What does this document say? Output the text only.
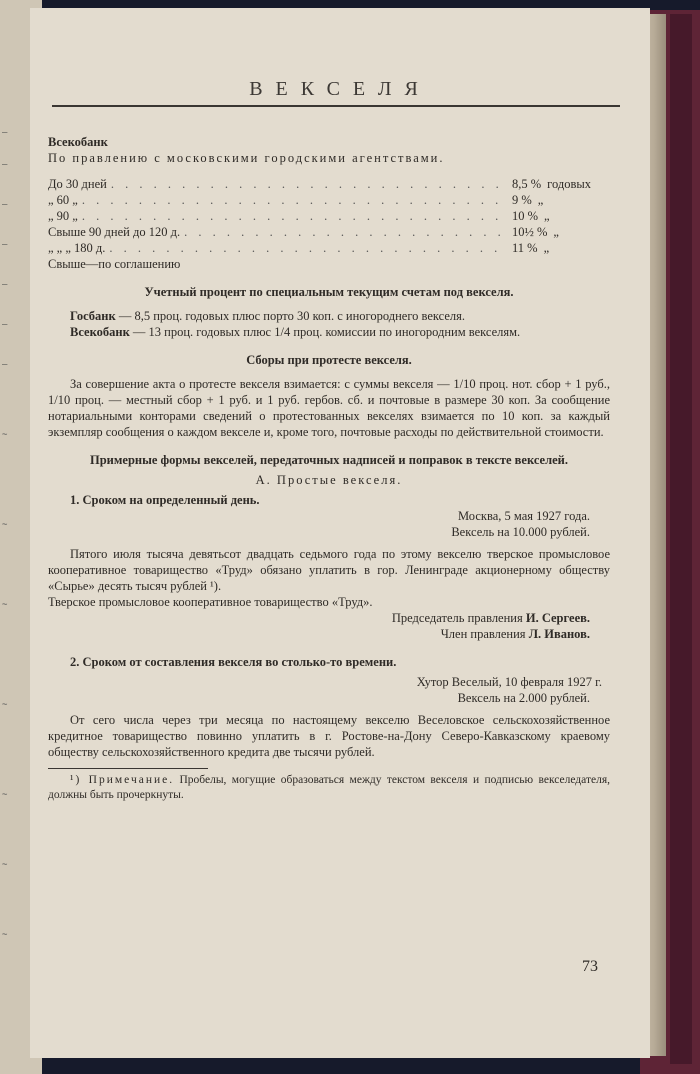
—
—
—
—
—
—
—
~
~
~
~
~
~
~
ВЕКСЕЛЯ
Всекобанк
По правлению с московскими городскими агентствами.
До 30 дней . . .	8,5 % годовых
„ 60 „ . . .	9 % „
„ 90 „ . . .	10 % „
Свыше 90 дней до 120 д. . . .	10½ % „
„ „ „ 180 д. . . .	11 % „
Свыше—по соглашению
Учетный процент по специальным текущим счетам под векселя.
Госбанк — 8,5 проц. годовых плюс порто 30 коп. с иногороднего векселя.
Всекобанк — 13 проц. годовых плюс 1/4 проц. комиссии по иногородним векселям.
Сборы при протесте векселя.
За совершение акта о протесте векселя взимается: с суммы векселя — 1/10 проц. нот. сбор + 1 руб., 1/10 проц. — местный сбор + 1 руб. и 1 руб. гербов. сб. и почтовые в размере 30 коп. За сообщение нотариальными конторами сведений о протестованных векселях взимается по 10 коп. за каждый экземпляр сообщения о каждом векселе и, кроме того, почтовые расходы по действительной стоимости.
Примерные формы векселей, передаточных надписей и поправок в тексте векселей.
А. Простые векселя.
1. Сроком на определенный день.
Москва, 5 мая 1927 года.
Вексель на 10.000 рублей.
Пятого июля тысяча девятьсот двадцать седьмого года по этому векселю тверское промысловое кооперативное товарищество «Труд» обязано уплатить в гор. Ленинграде акционерному обществу «Сырье» десять тысяч рублей ¹).
Тверское промысловое кооперативное товарищество «Труд».
Председатель правления И. Сергеев.
Член правления Л. Иванов.
2. Сроком от составления векселя во столько-то времени.
Хутор Веселый, 10 февраля 1927 г.
Вексель на 2.000 рублей.
От сего числа через три месяца по настоящему векселю Веселовское сельскохозяйственное кредитное товарищество повинно уплатить в г. Ростове-на-Дону Северо-Кавказскому краевому обществу сельскохозяйственного кредита две тысячи рублей.
¹) Примечание. Пробелы, могущие образоваться между текстом векселя и подписью векселедателя, должны быть прочеркнуты.
73
